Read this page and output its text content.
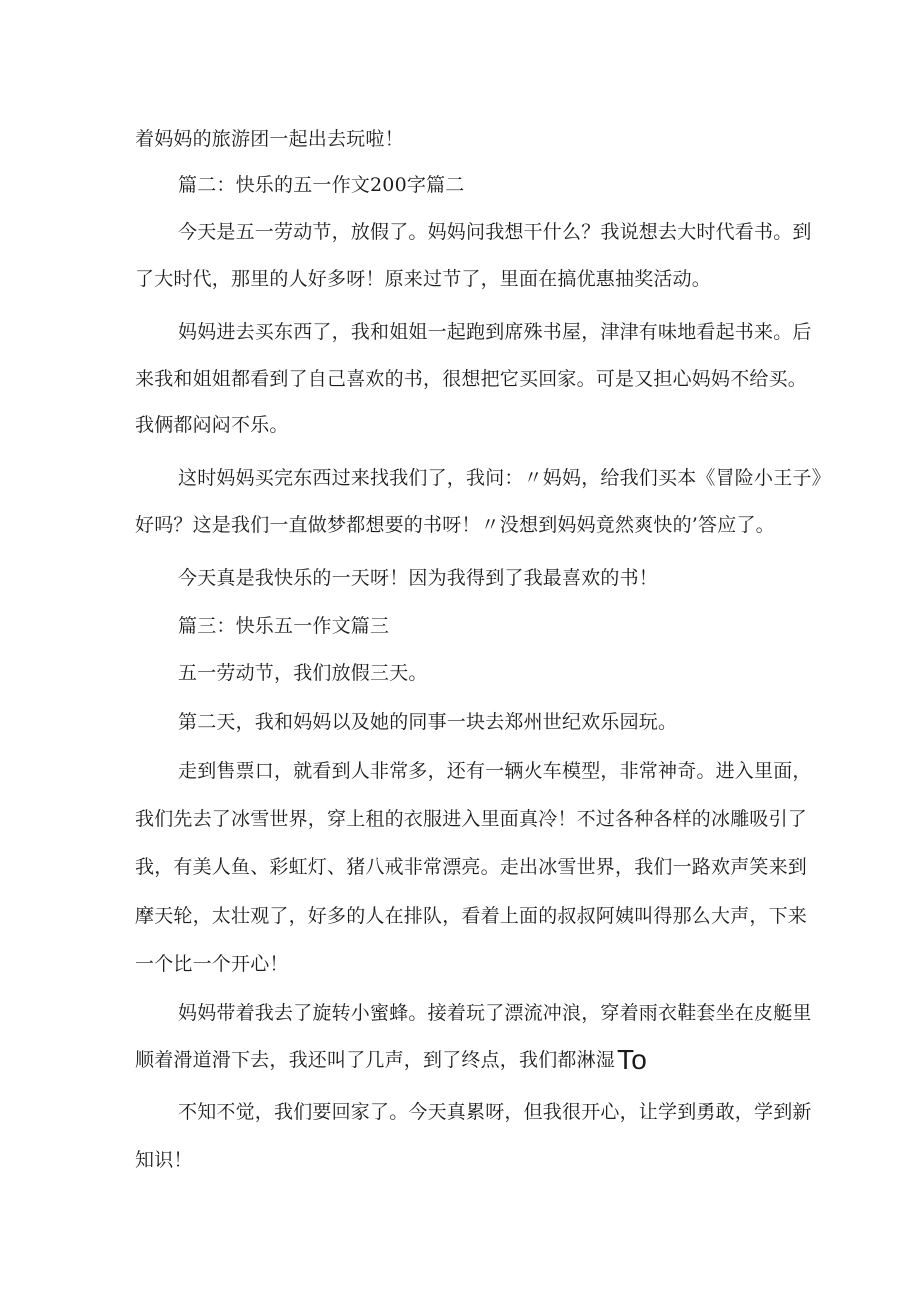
着妈妈的旅游团一起出去玩啦！
篇二：快乐的五一作文200字篇二
今天是五一劳动节，放假了。妈妈问我想干什么？我说想去大时代看书。到
了大时代，那里的人好多呀！原来过节了，里面在搞优惠抽奖活动。
妈妈进去买东西了，我和姐姐一起跑到席殊书屋，津津有味地看起书来。后
来我和姐姐都看到了自己喜欢的书，很想把它买回家。可是又担心妈妈不给买。
我俩都闷闷不乐。
这时妈妈买完东西过来找我们了，我问：〃妈妈，给我们买本《冒险小王子》
好吗？这是我们一直做梦都想要的书呀！〃没想到妈妈竟然爽快的’答应了。
今天真是我快乐的一天呀！因为我得到了我最喜欢的书！
篇三：快乐五一作文篇三
五一劳动节，我们放假三天。
第二天，我和妈妈以及她的同事一块去郑州世纪欢乐园玩。
走到售票口，就看到人非常多，还有一辆火车模型，非常神奇。进入里面，
我们先去了冰雪世界，穿上租的衣服进入里面真冷！不过各种各样的冰雕吸引了
我，有美人鱼、彩虹灯、猪八戒非常漂亮。走出冰雪世界，我们一路欢声笑来到
摩天轮，太壮观了，好多的人在排队，看着上面的叔叔阿姨叫得那么大声，下来
一个比一个开心！
妈妈带着我去了旋转小蜜蜂。接着玩了漂流冲浪，穿着雨衣鞋套坐在皮艇里
顺着滑道滑下去，我还叫了几声，到了终点，我们都淋湿To
不知不觉，我们要回家了。今天真累呀，但我很开心，让学到勇敢，学到新
知识！
